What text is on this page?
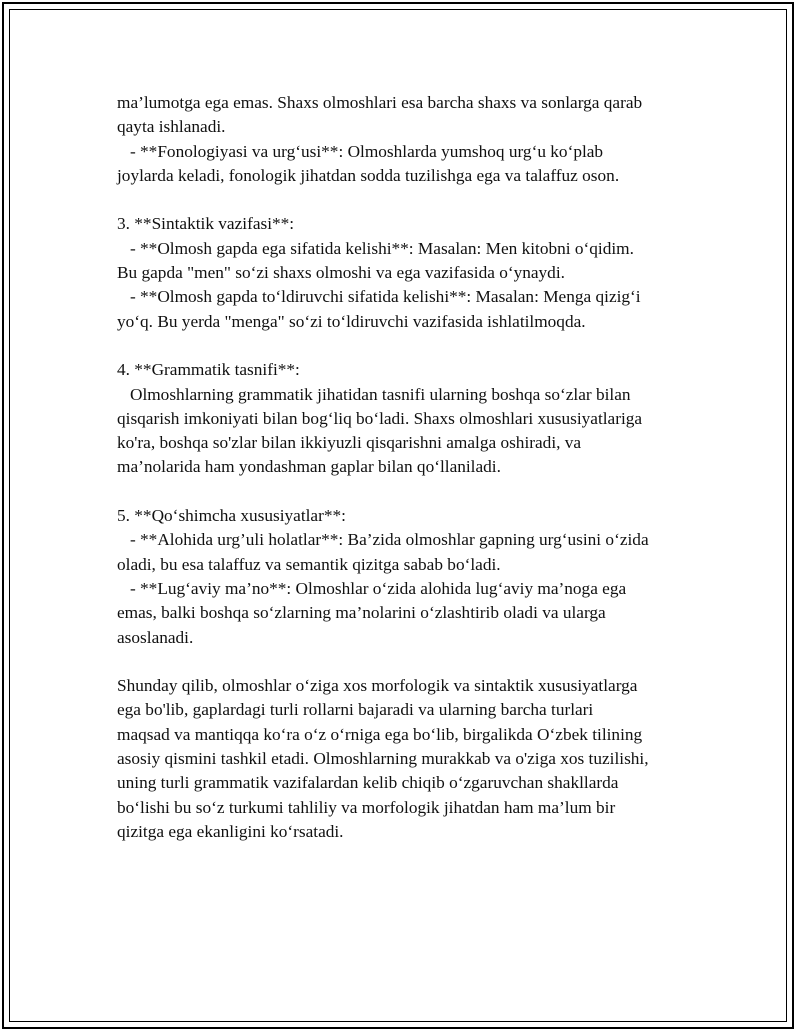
ma’lumotga ega emas. Shaxs olmoshlari esa barcha shaxs va sonlarga qarab
qayta ishlanadi.
- **Fonologiyasi va urg‘usi**: Olmoshlarda yumshoq urg‘u ko‘plab
joylarda keladi, fonologik jihatdan sodda tuzilishga ega va talaffuz oson.
3. **Sintaktik vazifasi**:
- **Olmosh gapda ega sifatida kelishi**: Masalan: Men kitobni o‘qidim.
Bu gapda "men" so‘zi shaxs olmoshi va ega vazifasida o‘ynaydi.
- **Olmosh gapda to‘ldiruvchi sifatida kelishi**: Masalan: Menga qizig‘i
yo‘q. Bu yerda "menga" so‘zi to‘ldiruvchi vazifasida ishlatilmoqda.
4. **Grammatik tasnifi**:
Olmoshlarning grammatik jihatidan tasnifi ularning boshqa so‘zlar bilan
qisqarish imkoniyati bilan bog‘liq bo‘ladi. Shaxs olmoshlari xususiyatlariga
ko'ra, boshqa so'zlar bilan ikkiyuzli qisqarishni amalga oshiradi, va
ma’nolarida ham yondashman gaplar bilan qo‘llaniladi.
5. **Qo‘shimcha xususiyatlar**:
- **Alohida urg’uli holatlar**: Ba’zida olmoshlar gapning urg‘usini o‘zida
oladi, bu esa talaffuz va semantik qizitga sabab bo‘ladi.
- **Lug‘aviy ma’no**: Olmoshlar o‘zida alohida lug‘aviy ma’noga ega
emas, balki boshqa so‘zlarning ma’nolarini o‘zlashtirib oladi va ularga
asoslanadi.
Shunday qilib, olmoshlar o‘ziga xos morfologik va sintaktik xususiyatlarga
ega bo'lib, gaplardagi turli rollarni bajaradi va ularning barcha turlari
maqsad va mantiqqa ko‘ra o‘z o‘rniga ega bo‘lib, birgalikda O‘zbek tilining
asosiy qismini tashkil etadi. Olmoshlarning murakkab va o'ziga xos tuzilishi,
uning turli grammatik vazifalardan kelib chiqib o‘zgaruvchan shakllarda
bo‘lishi bu so‘z turkumi tahliliy va morfologik jihatdan ham ma’lum bir
qizitga ega ekanligini ko‘rsatadi.
